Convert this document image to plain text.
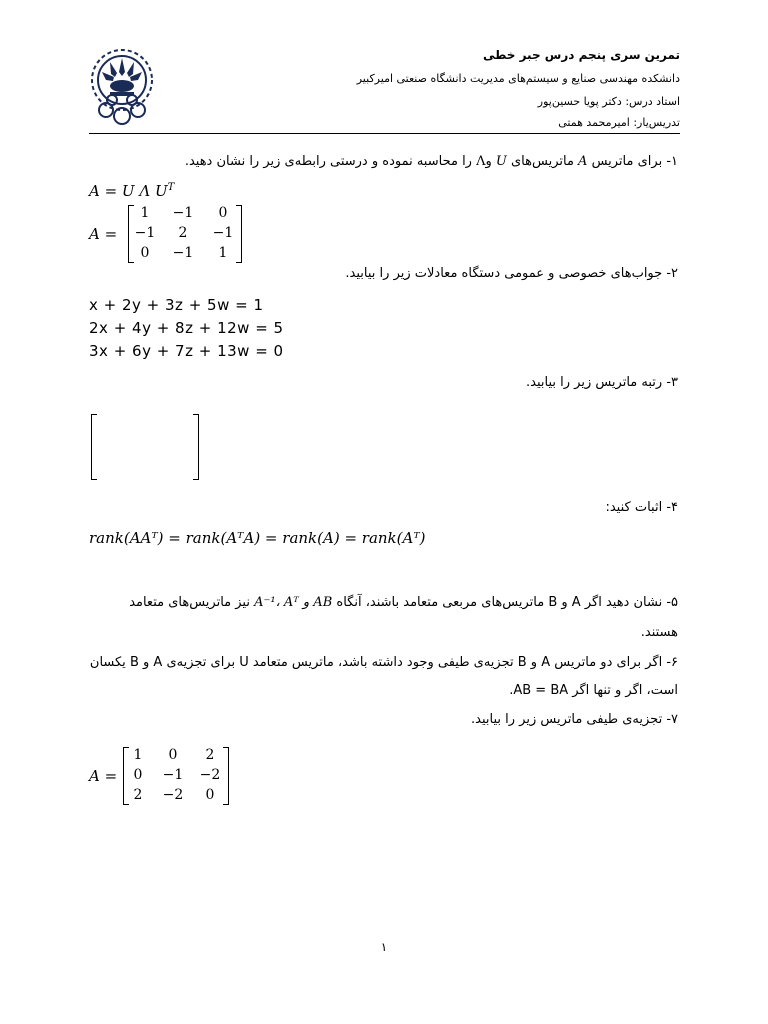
تمرین سری پنجم درس جبر خطی
دانشکده مهندسی صنایع و سیستم‌های مدیریت دانشگاه صنعتی امیرکبیر
استاد درس: دکتر پویا حسین‌پور
تدریس‌یار: امیرمحمد همتی
۱- برای ماتریس A ماتریس‌های U وΛ را محاسبه نموده و درستی رابطه‌ی زیر را نشان دهید.
A = U Λ $U^T$
A =
1	−1	0
−1	2	−1
0	−1	1
۲- جواب‌های خصوصی و عمومی دستگاه معادلات زیر را بیابید.
x + 2y + 3z + 5w = 1
2x + 4y + 8z + 12w = 5
3x + 6y + 7z + 13w = 0
۳- رتبه ماتریس زیر را بیابید.
۴- اثبات کنید:
rank(AAᵀ) = rank(AᵀA) = rank(A) = rank(Aᵀ)
۵- نشان دهید اگر A و B ماتریس‌های مربعی متعامد باشند، آنگاه A⁻¹، Aᵀ و AB نیز ماتریس‌های متعامد
هستند.
۶- اگر برای دو ماتریس A و B تجزیه‌ی طیفی وجود داشته باشد، ماتریس متعامد U برای تجزیه‌ی A و B یکسان
است، اگر و تنها اگر AB = BA.
۷- تجزیه‌ی طیفی ماتریس زیر را بیابید.
A =
1	0	2
0	−1	−2
2	−2	0
۱
